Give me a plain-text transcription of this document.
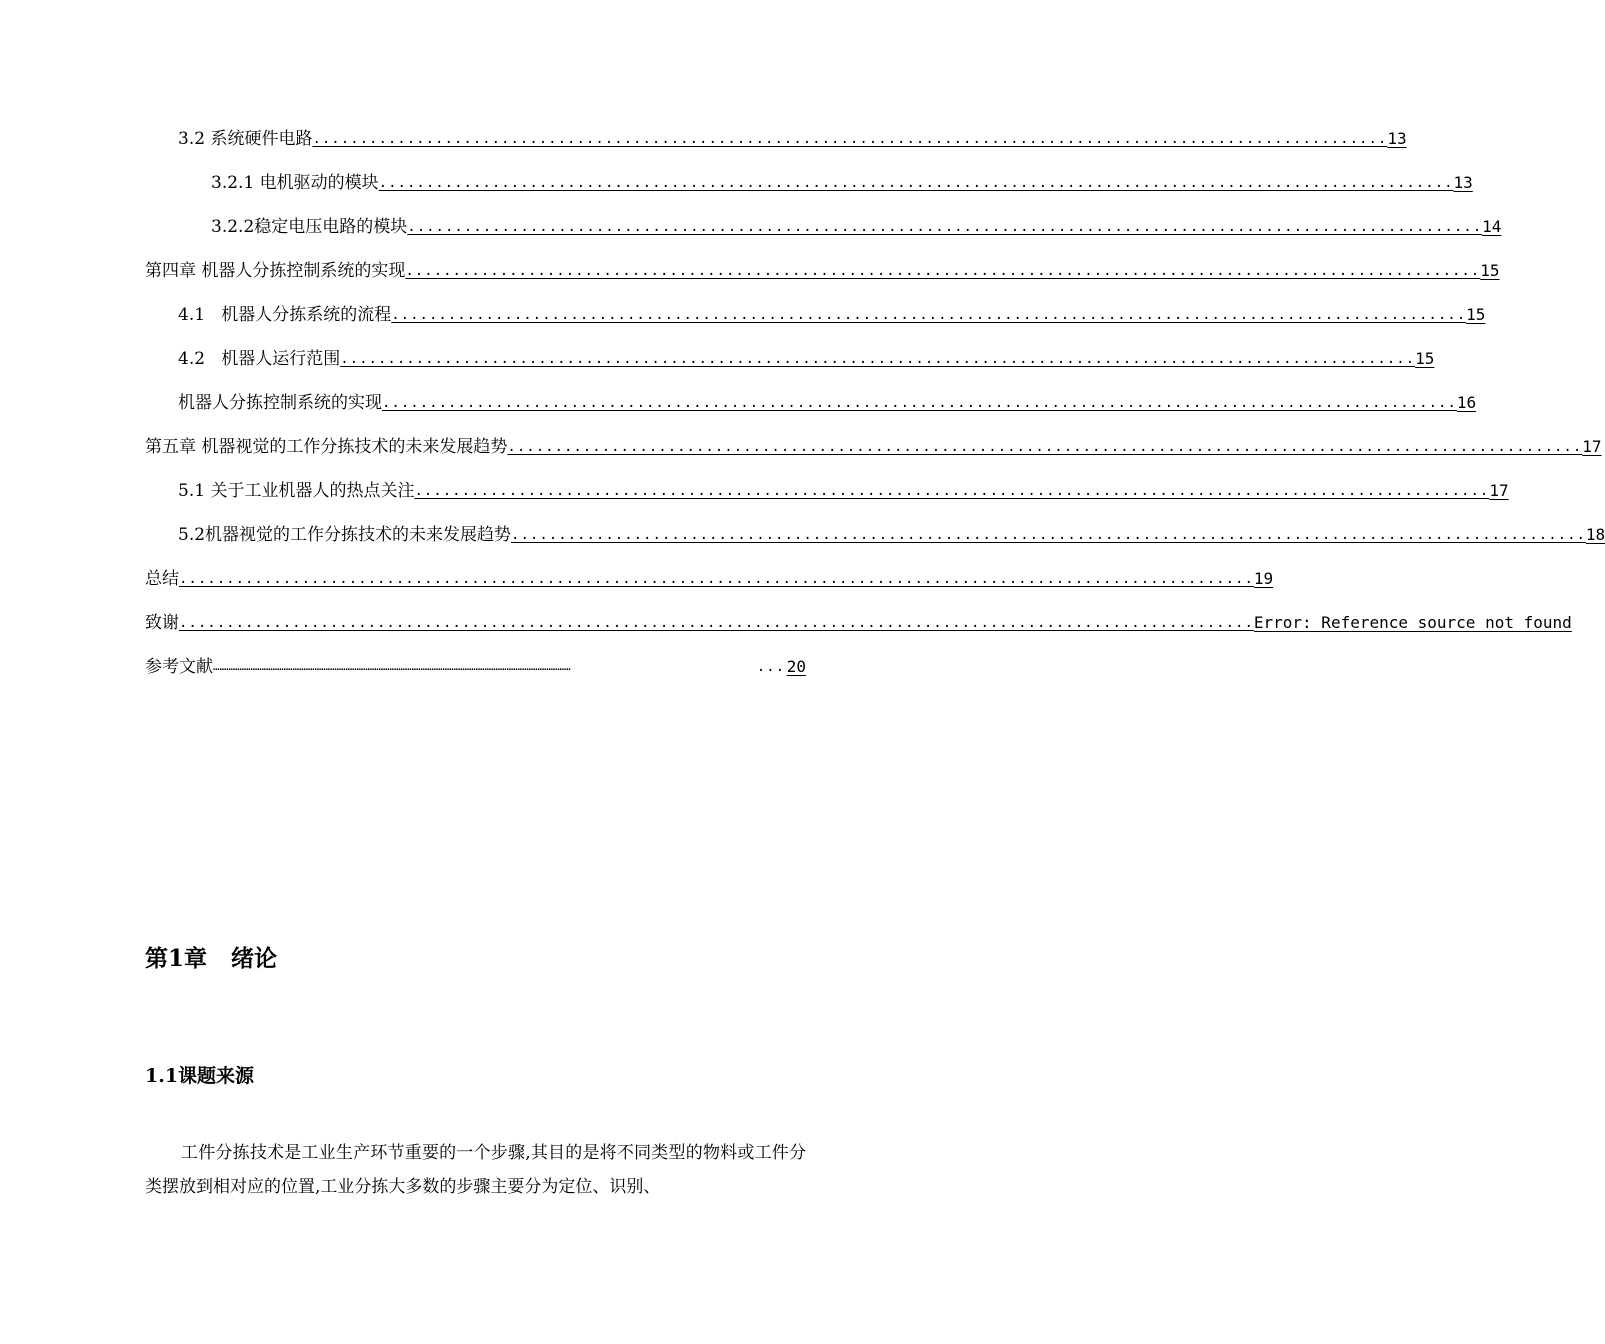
3.2 系统硬件电路 .................................................................................................................. 13
3.2.1 电机驱动的模块 .................................................................................................................. 13
3.2.2稳定电压电路的模块 .................................................................................................................. 14
第四章 机器人分拣控制系统的实现 .................................................................................................................. 15
4.1   机器人分拣系统的流程 .................................................................................................................. 15
4.2   机器人运行范围 .................................................................................................................. 15
机器人分拣控制系统的实现 .................................................................................................................. 16
第五章 机器视觉的工作分拣技术的未来发展趋势 .................................................................................................................. 17
5.1 关于工业机器人的热点关注 .................................................................................................................. 17
5.2机器视觉的工作分拣技术的未来发展趋势 .................................................................................................................. 18
总结 .................................................................................................................. 19
致谢 .................................................................................................................. Error: Reference source not found
参考文献 ………………………………………………………………………………………………………………………………………………	... 20
第1章 绪论
1.1课题来源
工件分拣技术是工业生产环节重要的一个步骤,其目的是将不同类型的物料或工件分类摆放到相对应的位置,工业分拣大多数的步骤主要分为定位、识别、
